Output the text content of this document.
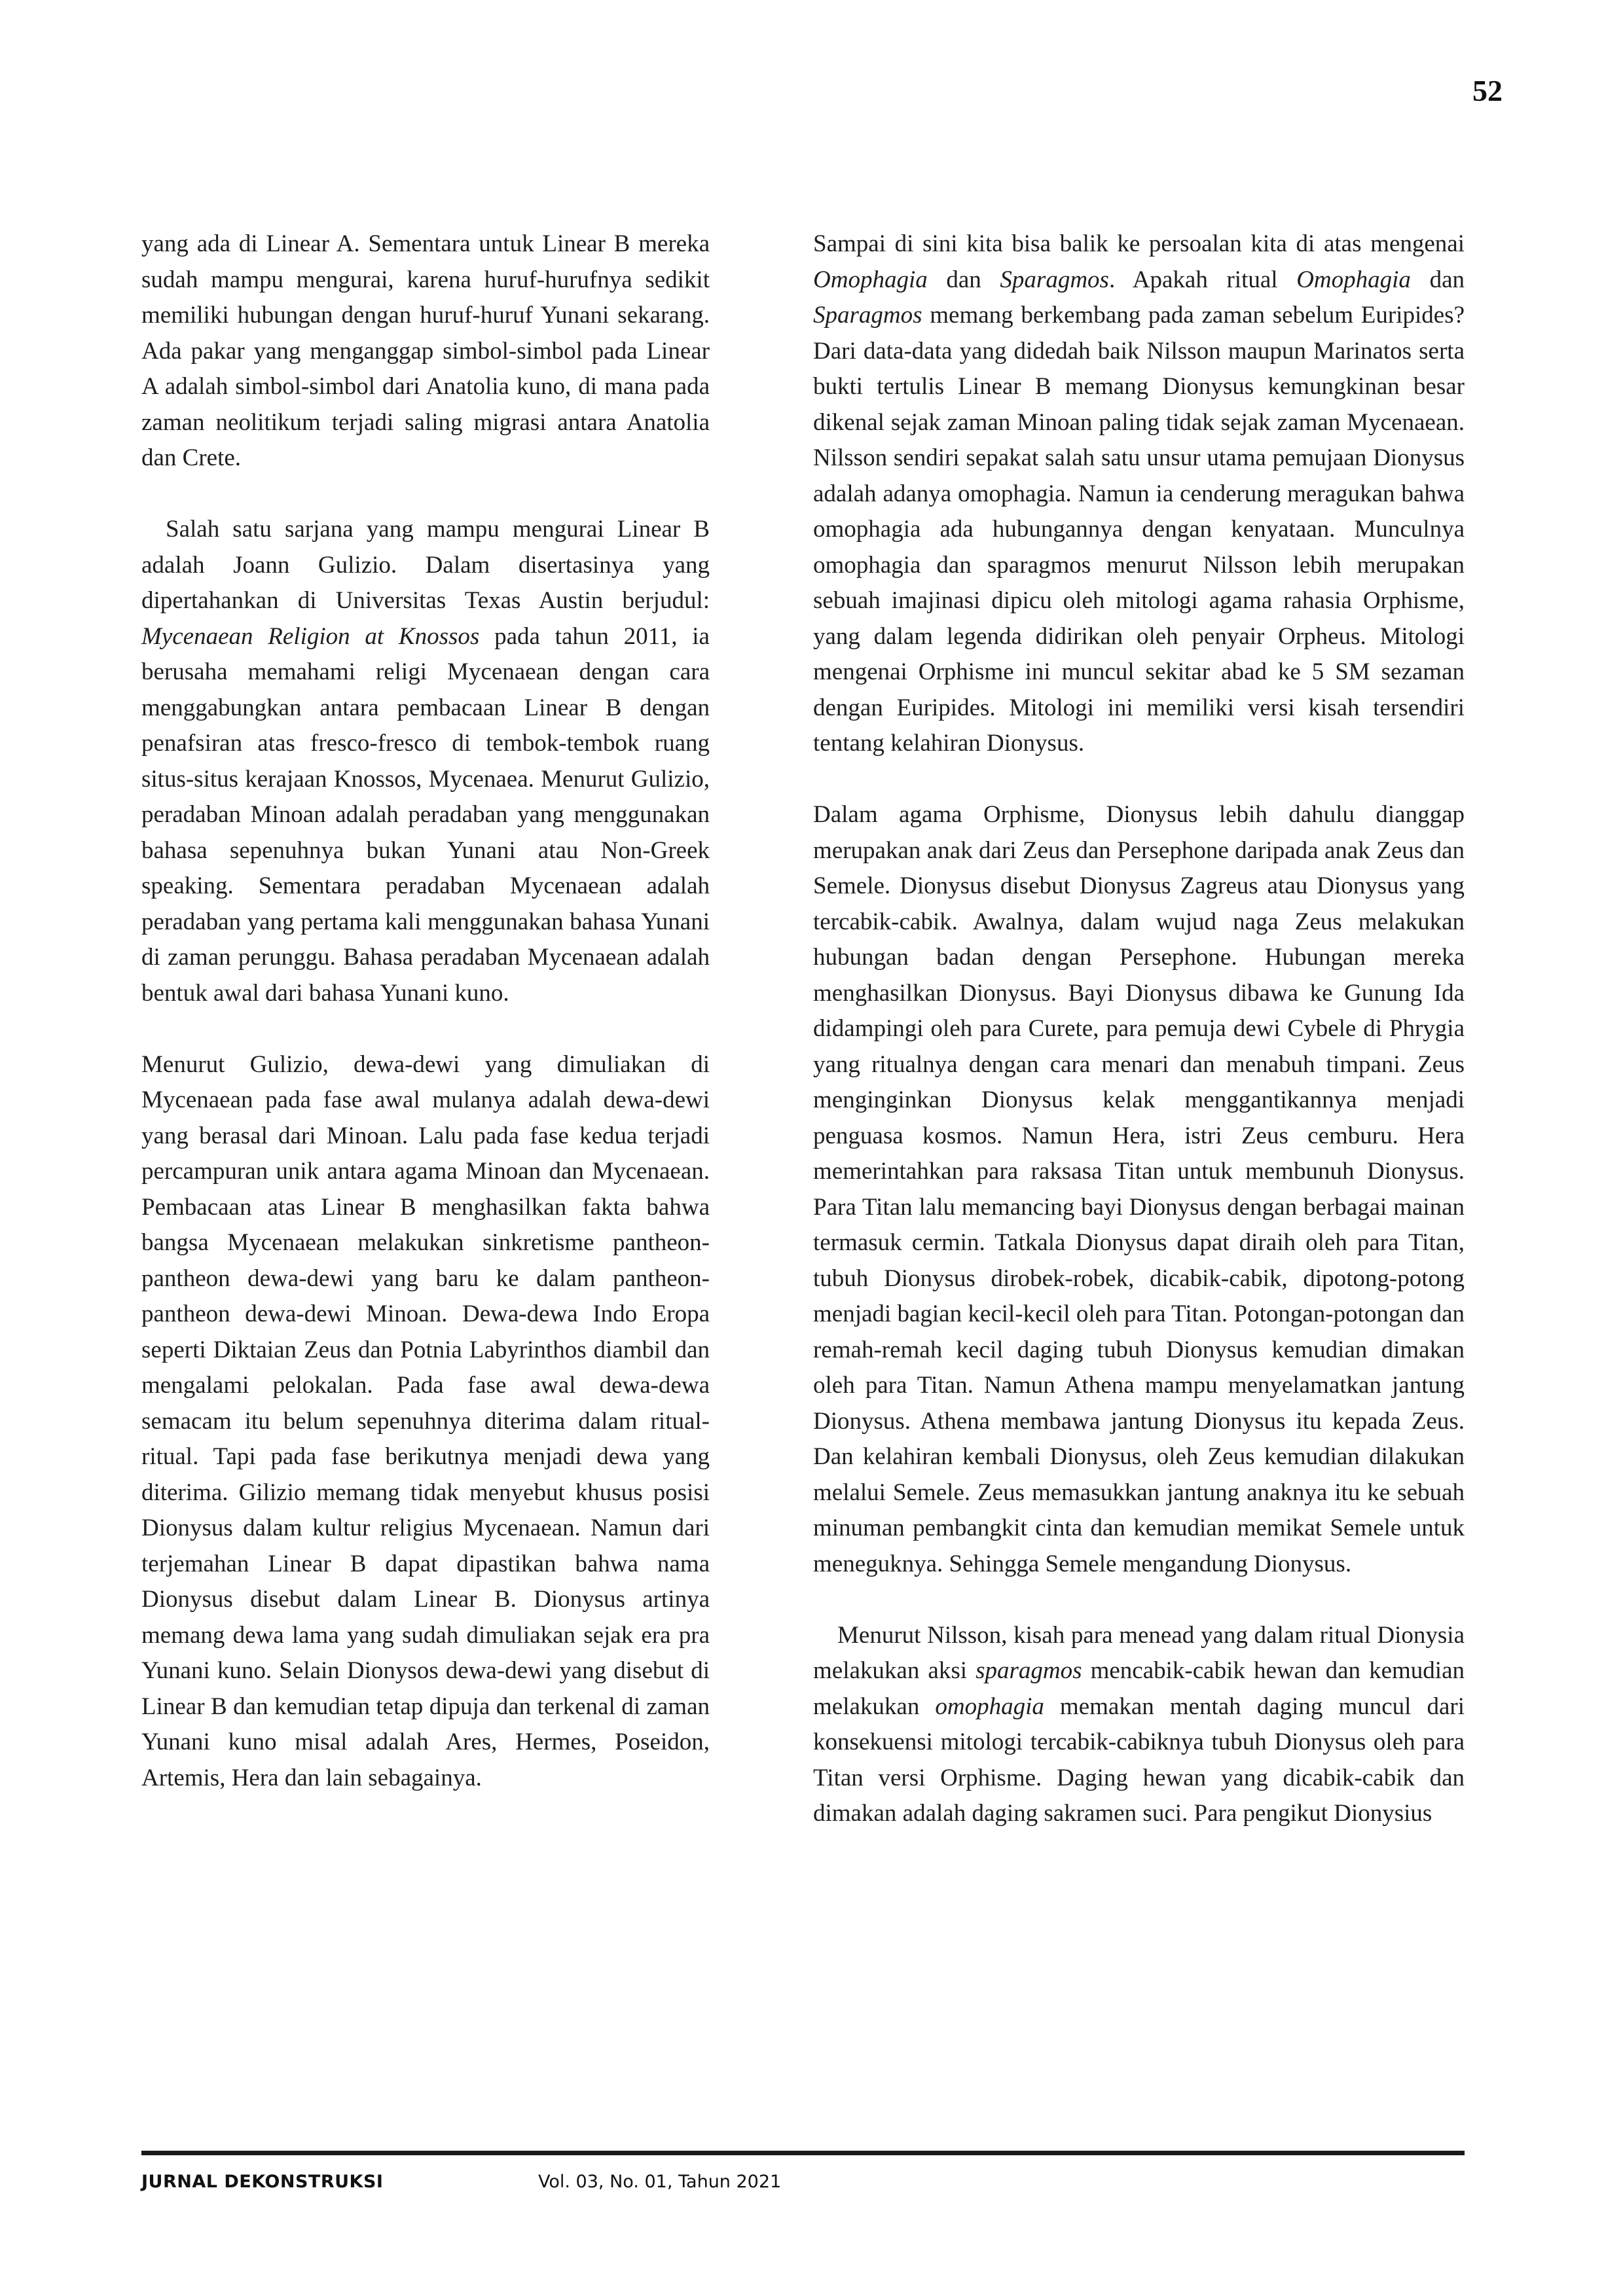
52

yang ada di Linear A. Sementara untuk Linear B mereka sudah mampu mengurai, karena huruf-hurufnya sedikit memiliki hubungan dengan huruf-huruf Yunani sekarang. Ada pakar yang menganggap simbol-simbol pada Linear A adalah simbol-simbol dari Anatolia kuno, di mana pada zaman neolitikum terjadi saling migrasi antara Anatolia dan Crete.

Salah satu sarjana yang mampu mengurai Linear B adalah Joann Gulizio. Dalam disertasinya yang dipertahankan di Universitas Texas Austin berjudul: Mycenaean Religion at Knossos pada tahun 2011, ia berusaha memahami religi Mycenaean dengan cara menggabungkan antara pembacaan Linear B dengan penafsiran atas fresco-fresco di tembok-tembok ruang situs-situs kerajaan Knossos, Mycenaea. Menurut Gulizio, peradaban Minoan adalah peradaban yang menggunakan bahasa sepenuhnya bukan Yunani atau Non-Greek speaking. Sementara peradaban Mycenaean adalah peradaban yang pertama kali menggunakan bahasa Yunani di zaman perunggu. Bahasa peradaban Mycenaean adalah bentuk awal dari bahasa Yunani kuno.

Menurut Gulizio, dewa-dewi yang dimuliakan di Mycenaean pada fase awal mulanya adalah dewa-dewi yang berasal dari Minoan. Lalu pada fase kedua terjadi percampuran unik antara agama Minoan dan Mycenaean. Pembacaan atas Linear B menghasilkan fakta bahwa bangsa Mycenaean melakukan sinkretisme pantheon-pantheon dewa-dewi yang baru ke dalam pantheon-pantheon dewa-dewi Minoan. Dewa-dewa Indo Eropa seperti Diktaian Zeus dan Potnia Labyrinthos diambil dan mengalami pelokalan. Pada fase awal dewa-dewa semacam itu belum sepenuhnya diterima dalam ritual-ritual. Tapi pada fase berikutnya menjadi dewa yang diterima. Gilizio memang tidak menyebut khusus posisi Dionysus dalam kultur religius Mycenaean. Namun dari terjemahan Linear B dapat dipastikan bahwa nama Dionysus disebut dalam Linear B. Dionysus artinya memang dewa lama yang sudah dimuliakan sejak era pra Yunani kuno. Selain Dionysos dewa-dewi yang disebut di Linear B dan kemudian tetap dipuja dan terkenal di zaman Yunani kuno misal adalah Ares, Hermes, Poseidon, Artemis, Hera dan lain sebagainya.

Sampai di sini kita bisa balik ke persoalan kita di atas mengenai Omophagia dan Sparagmos. Apakah ritual Omophagia dan Sparagmos memang berkembang pada zaman sebelum Euripides? Dari data-data yang didedah baik Nilsson maupun Marinatos serta bukti tertulis Linear B memang Dionysus kemungkinan besar dikenal sejak zaman Minoan paling tidak sejak zaman Mycenaean. Nilsson sendiri sepakat salah satu unsur utama pemujaan Dionysus adalah adanya omophagia. Namun ia cenderung meragukan bahwa omophagia ada hubungannya dengan kenyataan. Munculnya omophagia dan sparagmos menurut Nilsson lebih merupakan sebuah imajinasi dipicu oleh mitologi agama rahasia Orphisme, yang dalam legenda didirikan oleh penyair Orpheus. Mitologi mengenai Orphisme ini muncul sekitar abad ke 5 SM sezaman dengan Euripides. Mitologi ini memiliki versi kisah tersendiri tentang kelahiran Dionysus.

Dalam agama Orphisme, Dionysus lebih dahulu dianggap merupakan anak dari Zeus dan Persephone daripada anak Zeus dan Semele. Dionysus disebut Dionysus Zagreus atau Dionysus yang tercabik-cabik. Awalnya, dalam wujud naga Zeus melakukan hubungan badan dengan Persephone. Hubungan mereka menghasilkan Dionysus. Bayi Dionysus dibawa ke Gunung Ida didampingi oleh para Curete, para pemuja dewi Cybele di Phrygia yang ritualnya dengan cara menari dan menabuh timpani. Zeus menginginkan Dionysus kelak menggantikannya menjadi penguasa kosmos. Namun Hera, istri Zeus cemburu. Hera memerintahkan para raksasa Titan untuk membunuh Dionysus. Para Titan lalu memancing bayi Dionysus dengan berbagai mainan termasuk cermin. Tatkala Dionysus dapat diraih oleh para Titan, tubuh Dionysus dirobek-robek, dicabik-cabik, dipotong-potong menjadi bagian kecil-kecil oleh para Titan. Potongan-potongan dan remah-remah kecil daging tubuh Dionysus kemudian dimakan oleh para Titan. Namun Athena mampu menyelamatkan jantung Dionysus. Athena membawa jantung Dionysus itu kepada Zeus. Dan kelahiran kembali Dionysus, oleh Zeus kemudian dilakukan melalui Semele. Zeus memasukkan jantung anaknya itu ke sebuah minuman pembangkit cinta dan kemudian memikat Semele untuk meneguknya. Sehingga Semele mengandung Dionysus.

Menurut Nilsson, kisah para menead yang dalam ritual Dionysia melakukan aksi sparagmos mencabik-cabik hewan dan kemudian melakukan omophagia memakan mentah daging muncul dari konsekuensi mitologi tercabik-cabiknya tubuh Dionysus oleh para Titan versi Orphisme. Daging hewan yang dicabik-cabik dan dimakan adalah daging sakramen suci. Para pengikut Dionysius

JURNAL DEKONSTRUKSI	Vol. 03, No. 01, Tahun 2021
